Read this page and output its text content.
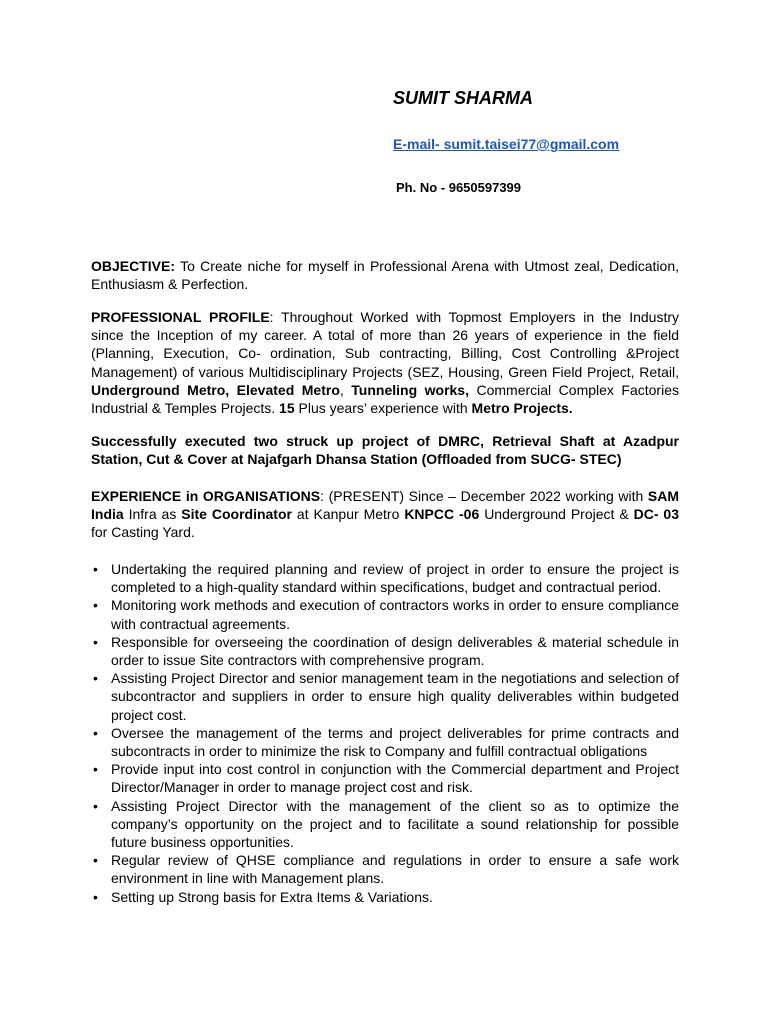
SUMIT SHARMA
E-mail- sumit.taisei77@gmail.com
Ph. No - 9650597399
OBJECTIVE: To Create niche for myself in Professional Arena with Utmost zeal, Dedication, Enthusiasm & Perfection.
PROFESSIONAL PROFILE: Throughout Worked with Topmost Employers in the Industry since the Inception of my career. A total of more than 26 years of experience in the field (Planning, Execution, Co- ordination, Sub contracting, Billing, Cost Controlling &Project Management) of various Multidisciplinary Projects (SEZ, Housing, Green Field Project, Retail, Underground Metro, Elevated Metro, Tunneling works, Commercial Complex Factories Industrial & Temples Projects. 15 Plus years’ experience with Metro Projects.
Successfully executed two struck up project of DMRC, Retrieval Shaft at Azadpur Station, Cut & Cover at Najafgarh Dhansa Station (Offloaded from SUCG- STEC)
EXPERIENCE in ORGANISATIONS: (PRESENT) Since – December 2022 working with SAM India Infra as Site Coordinator at Kanpur Metro KNPCC -06 Underground Project & DC- 03 for Casting Yard.
• Undertaking the required planning and review of project in order to ensure the project is completed to a high-quality standard within specifications, budget and contractual period.
• Monitoring work methods and execution of contractors works in order to ensure compliance with contractual agreements.
• Responsible for overseeing the coordination of design deliverables & material schedule in order to issue Site contractors with comprehensive program.
• Assisting Project Director and senior management team in the negotiations and selection of subcontractor and suppliers in order to ensure high quality deliverables within budgeted project cost.
• Oversee the management of the terms and project deliverables for prime contracts and subcontracts in order to minimize the risk to Company and fulfill contractual obligations
• Provide input into cost control in conjunction with the Commercial department and Project Director/Manager in order to manage project cost and risk.
• Assisting Project Director with the management of the client so as to optimize the company’s opportunity on the project and to facilitate a sound relationship for possible future business opportunities.
• Regular review of QHSE compliance and regulations in order to ensure a safe work environment in line with Management plans.
• Setting up Strong basis for Extra Items & Variations.
